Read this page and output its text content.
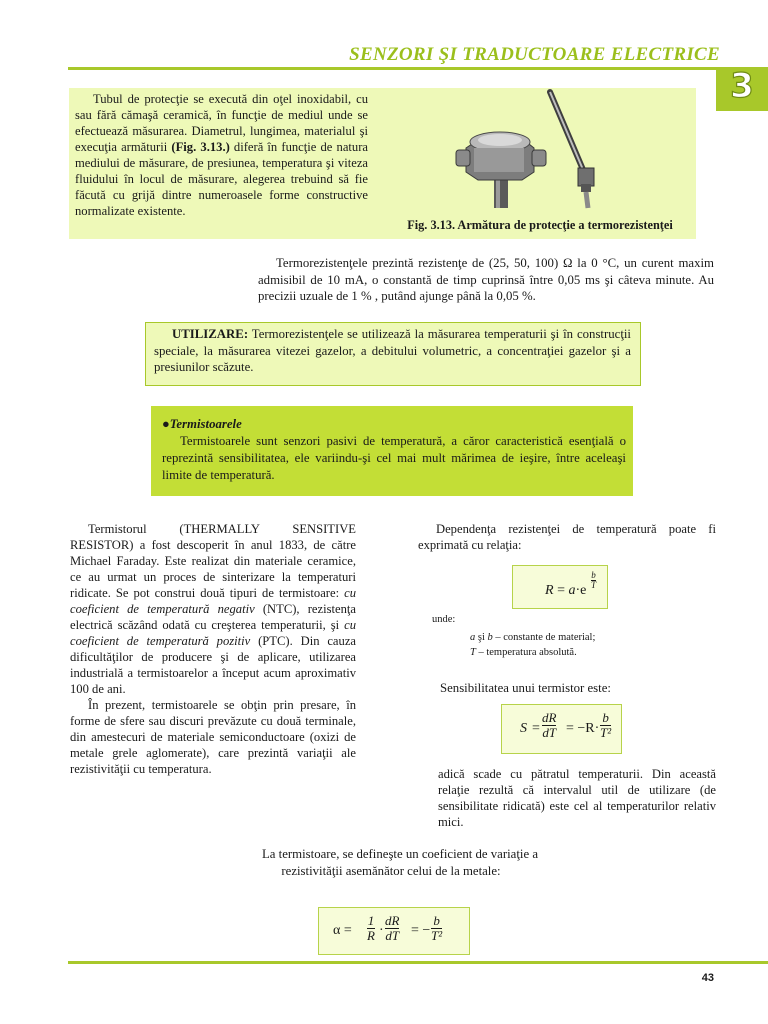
SENZORI ŞI TRADUCTOARE ELECTRICE
3
Tubul de protecţie se execută din oţel inoxidabil, cu sau fără cămaşă ceramică, în funcţie de mediul unde se efectuează măsurarea. Diametrul, lungimea, materialul şi execuţia armăturii (Fig. 3.13.) diferă în funcţie de natura mediului de măsurare, de presiunea, temperatura şi viteza fluidului în locul de măsurare, alegerea trebuind să fie făcută cu grijă dintre numeroasele forme constructive normalizate existente.
Fig. 3.13. Armătura de protecţie a termorezistenţei
Termorezistenţele prezintă rezistenţe de (25, 50, 100) Ω la 0 °C, un curent maxim admisibil de 10 mA, o constantă de timp cuprinsă între 0,05 ms şi câteva minute. Au precizii uzuale de 1 % , putând ajunge până la 0,05 %.
UTILIZARE: Termorezistenţele se utilizează la măsurarea temperaturii şi în construcţii speciale, la măsurarea vitezei gazelor, a debitului volumetric, a concentraţiei gazelor şi a presiunilor scăzute.
●Termistoarele
Termistoarele sunt senzori pasivi de temperatură, a căror caracteristică esenţială o reprezintă sensibilitatea, ele variindu-şi cel mai mult mărimea de ieşire, între aceleaşi limite de temperatură.
Termistorul (THERMALLY SENSITIVE RESISTOR) a fost descoperit în anul 1833, de către Michael Faraday. Este realizat din materiale ceramice, ce au urmat un proces de sinterizare la temperaturi ridicate. Se pot construi două tipuri de termistoare: cu coeficient de temperatură negativ (NTC), rezistenţa electrică scăzând odată cu creşterea temperaturii, şi cu coeficient de temperatură pozitiv (PTC). Din cauza dificultăţilor de producere şi de aplicare, utilizarea industrială a termistoarelor a început acum aproximativ 100 de ani.
În prezent, termistoarele se obţin prin presare, în forme de sfere sau discuri prevăzute cu două terminale, din amestecuri de materiale semiconductoare (oxizi de metale grele aglomerate), care prezintă variaţii ale rezistivităţii cu temperatura.
Dependenţa rezistenţei de temperatură poate fi exprimată cu relaţia:
R = a·e
b
T
unde:
a şi b – constante de material;
T – temperatura absolută.
Sensibilitatea unui termistor este:
S =
dR
dT = −R·
b
T²
adică scade cu pătratul temperaturii. Din această relaţie rezultă că intervalul util de utilizare (de sensibilitate ridicată) este cel al temperaturilor relativ mici.
La termistoare, se defineşte un coeficient de variaţie a rezistivităţii asemănător celui de la metale:
α =
1
R ·
dR
dT = −
b
T²
43
